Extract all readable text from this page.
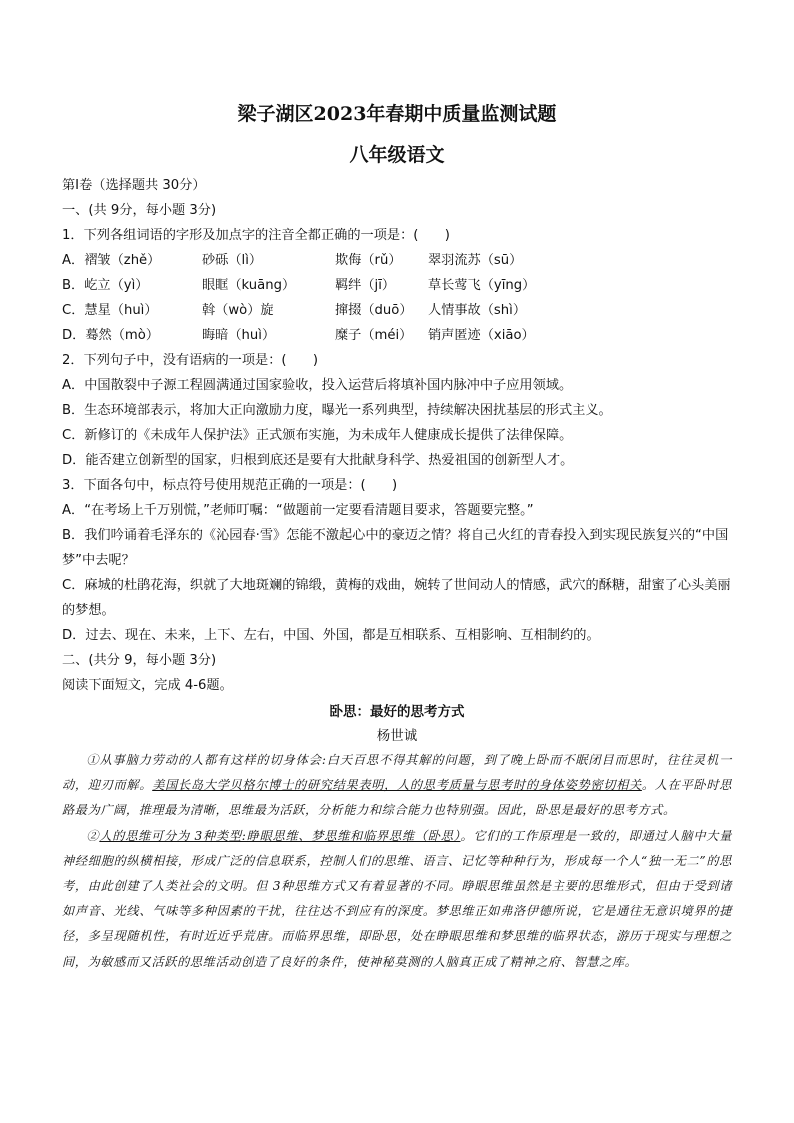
梁子湖区2023年春期中质量监测试题
八年级语文
第Ⅰ卷（选择题共 30分）
一、(共 9分，每小题 3分)
1．下列各组词语的字形及加点字的注音全都正确的一项是：(　　)
A．褶皱（zhě）	砂砾（lì）	欺侮（rǔ）	翠羽流苏（sū）
B．屹立（yì）	眼眶（kuāng）	羁绊（jī）	草长莺飞（yīng）
C．慧星（huì）	斡（wò）旋	撺掇（duō）	人情事故（shì）
D．蓦然（mò）	晦暗（huì）	糜子（méi）	销声匿迹（xiāo）
2．下列句子中，没有语病的一项是：(　　)
A．中国散裂中子源工程圆满通过国家验收，投入运营后将填补国内脉冲中子应用领域。
B．生态环境部表示，将加大正向激励力度，曝光一系列典型，持续解决困扰基层的形式主义。
C．新修订的《未成年人保护法》正式颁布实施，为未成年人健康成长提供了法律保障。
D．能否建立创新型的国家，归根到底还是要有大批献身科学、热爱祖国的创新型人才。
3．下面各句中，标点符号使用规范正确的一项是：(　　)
A．“在考场上千万别慌，”老师叮嘱：“做题前一定要看清题目要求，答题要完整。”
B．我们吟诵着毛泽东的《沁园春·雪》怎能不激起心中的豪迈之情？将自己火红的青春投入到实现民族复兴的“中国梦”中去呢？
C．麻城的杜鹃花海，织就了大地斑斓的锦缎，黄梅的戏曲，婉转了世间动人的情感，武穴的酥糖，甜蜜了心头美丽的梦想。
D．过去、现在、未来，上下、左右，中国、外国，都是互相联系、互相影响、互相制约的。
二、(共分 9，每小题 3分)
阅读下面短文，完成 4-6题。
卧思：最好的思考方式
杨世诚
①从事脑力劳动的人都有这样的切身体会:白天百思不得其解的问题，到了晚上卧而不眠闭目而思时，往往灵机一动，迎刃而解。美国长岛大学贝格尔博士的研究结果表明，人的思考质量与思考时的身体姿势密切相关。人在平卧时思路最为广阔，推理最为清晰，思维最为活跃，分析能力和综合能力也特别强。因此，卧思是最好的思考方式。
②人的思维可分为 3种类型:睁眼思维、梦思维和临界思维（卧思）。它们的工作原理是一致的，即通过人脑中大量神经细胞的纵横相接，形成广泛的信息联系，控制人们的思维、语言、记忆等种种行为，形成每一个人“独一无二”的思考，由此创建了人类社会的文明。但 3种思维方式又有着显著的不同。睁眼思维虽然是主要的思维形式，但由于受到诸如声音、光线、气味等多种因素的干扰，往往达不到应有的深度。梦思维正如弗洛伊德所说，它是通往无意识境界的捷径，多呈现随机性，有时近近乎荒唐。而临界思维，即卧思，处在睁眼思维和梦思维的临界状态，游历于现实与理想之间，为敏感而又活跃的思维活动创造了良好的条件，使神秘莫测的人脑真正成了精神之府、智慧之库。
